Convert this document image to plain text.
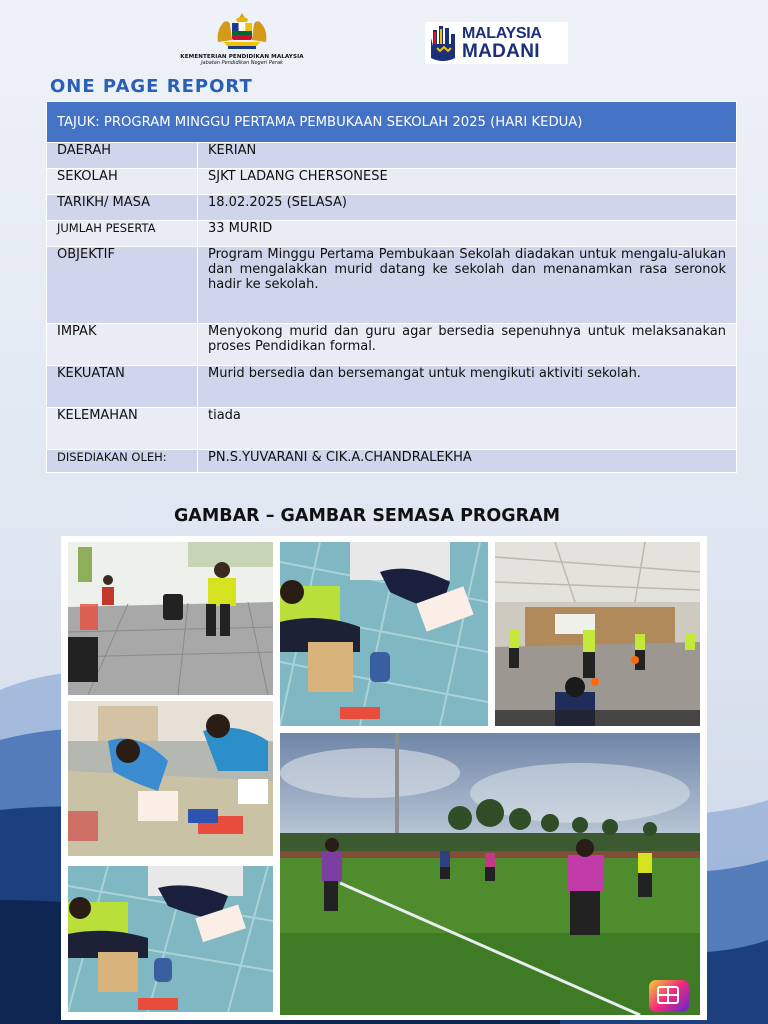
KEMENTERIAN PENDIDIKAN MALAYSIA
Jabatan Pendidikan Negeri Perak
MALAYSIA
MADANI
ONE PAGE REPORT
TAJUK: PROGRAM MINGGU PERTAMA PEMBUKAAN SEKOLAH 2025 (HARI KEDUA)	
DAERAH	KERIAN
SEKOLAH	SJKT LADANG CHERSONESE
TARIKH/ MASA	18.02.2025 (SELASA)
JUMLAH PESERTA	33 MURID
OBJEKTIF	Program Minggu Pertama Pembukaan Sekolah diadakan untuk mengalu-alukan dan mengalakkan murid datang ke sekolah dan menanamkan rasa seronok hadir ke sekolah.
IMPAK	Menyokong murid dan guru agar bersedia sepenuhnya untuk melaksanakan proses Pendidikan formal.
KEKUATAN	Murid bersedia dan bersemangat untuk mengikuti aktiviti sekolah.
KELEMAHAN	tiada
DISEDIAKAN OLEH:	PN.S.YUVARANI & CIK.A.CHANDRALEKHA
GAMBAR – GAMBAR SEMASA PROGRAM
